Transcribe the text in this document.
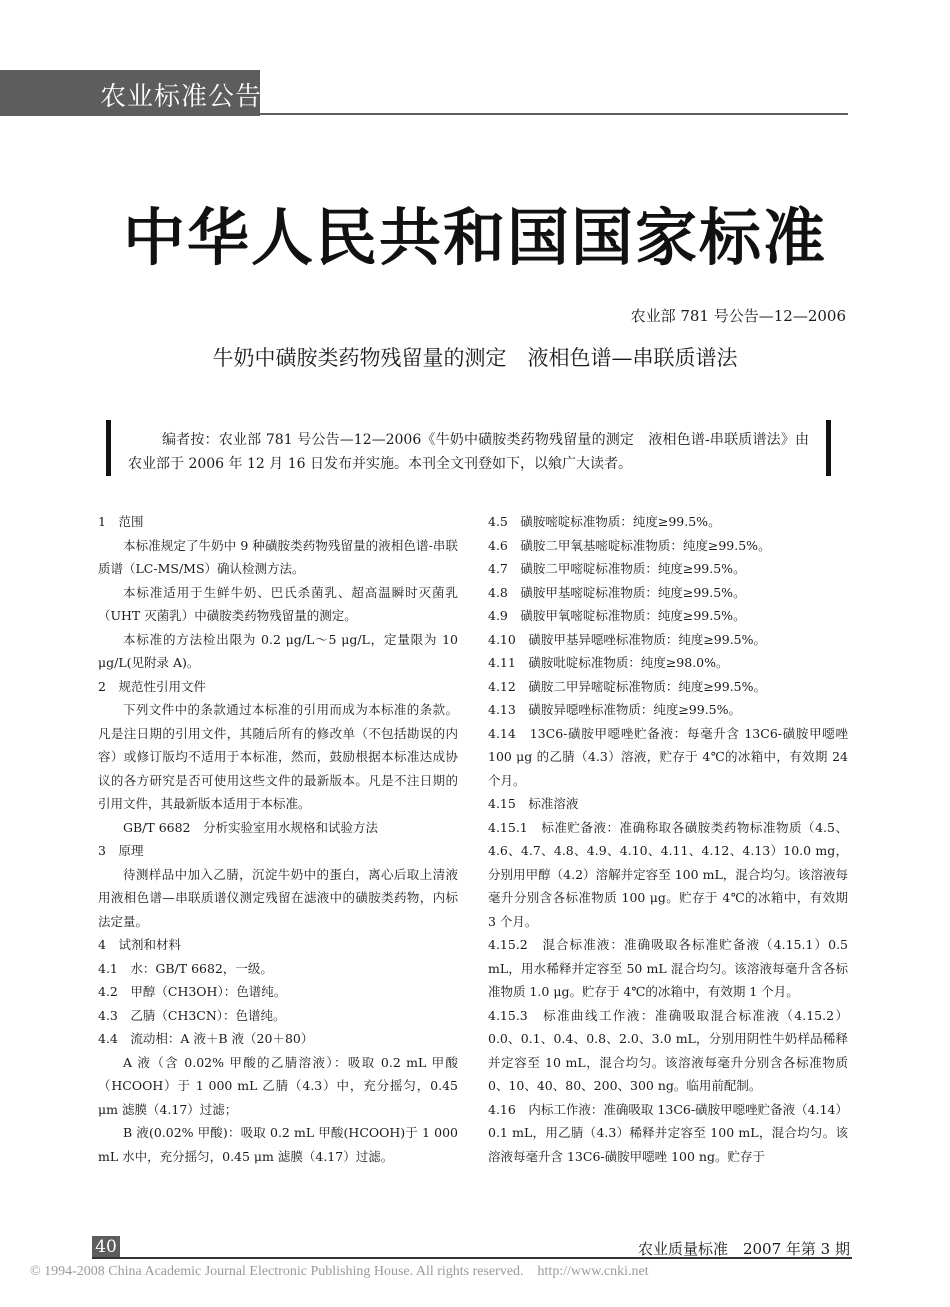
农业标准公告
中华人民共和国国家标准
农业部 781 号公告—12—2006
牛奶中磺胺类药物残留量的测定　液相色谱—串联质谱法

编者按：农业部 781 号公告—12—2006《牛奶中磺胺类药物残留量的测定　液相色谱-串联质谱法》由农业部于 2006 年 12 月 16 日发布并实施。本刊全文刊登如下，以飨广大读者。

1　范围

本标准规定了牛奶中 9 种磺胺类药物残留量的液相色谱-串联质谱（LC-MS/MS）确认检测方法。

本标准适用于生鲜牛奶、巴氏杀菌乳、超高温瞬时灭菌乳（UHT 灭菌乳）中磺胺类药物残留量的测定。

本标准的方法检出限为 0.2 μg/L～5 μg/L，定量限为 10 μg/L(见附录 A)。

2　规范性引用文件

下列文件中的条款通过本标准的引用而成为本标准的条款。凡是注日期的引用文件，其随后所有的修改单（不包括勘误的内容）或修订版均不适用于本标准，然而，鼓励根据本标准达成协议的各方研究是否可使用这些文件的最新版本。凡是不注日期的引用文件，其最新版本适用于本标准。

GB/T 6682　分析实验室用水规格和试验方法

3　原理

待测样品中加入乙腈，沉淀牛奶中的蛋白，离心后取上清液用液相色谱—串联质谱仪测定残留在滤液中的磺胺类药物，内标法定量。

4　试剂和材料

4.1　水：GB/T 6682，一级。

4.2　甲醇（CH3OH）：色谱纯。

4.3　乙腈（CH3CN）：色谱纯。

4.4　流动相：A 液＋B 液（20＋80）

A 液（含 0.02% 甲酸的乙腈溶液）：吸取 0.2 mL 甲酸（HCOOH）于 1 000 mL 乙腈（4.3）中，充分摇匀，0.45 μm 滤膜（4.17）过滤；

B 液(0.02% 甲酸)：吸取 0.2 mL 甲酸(HCOOH)于 1 000 mL 水中，充分摇匀，0.45 μm 滤膜（4.17）过滤。

4.5　磺胺嘧啶标准物质：纯度≥99.5%。

4.6　磺胺二甲氧基嘧啶标准物质：纯度≥99.5%。

4.7　磺胺二甲嘧啶标准物质：纯度≥99.5%。

4.8　磺胺甲基嘧啶标准物质：纯度≥99.5%。

4.9　磺胺甲氧嘧啶标准物质：纯度≥99.5%。

4.10　磺胺甲基异噁唑标准物质：纯度≥99.5%。

4.11　磺胺吡啶标准物质：纯度≥98.0%。

4.12　磺胺二甲异嘧啶标准物质：纯度≥99.5%。

4.13　磺胺异噁唑标准物质：纯度≥99.5%。

4.14　13C6-磺胺甲噁唑贮备液：每毫升含 13C6-磺胺甲噁唑 100 μg 的乙腈（4.3）溶液，贮存于 4℃的冰箱中，有效期 24 个月。

4.15　标准溶液

4.15.1　标准贮备液：准确称取各磺胺类药物标准物质（4.5、4.6、4.7、4.8、4.9、4.10、4.11、4.12、4.13）10.0 mg，分别用甲醇（4.2）溶解并定容至 100 mL，混合均匀。该溶液每毫升分别含各标准物质 100 μg。贮存于 4℃的冰箱中，有效期 3 个月。

4.15.2　混合标准液：准确吸取各标准贮备液（4.15.1）0.5 mL，用水稀释并定容至 50 mL 混合均匀。该溶液每毫升含各标准物质 1.0 μg。贮存于 4℃的冰箱中，有效期 1 个月。

4.15.3　标准曲线工作液：准确吸取混合标准液（4.15.2）0.0、0.1、0.4、0.8、2.0、3.0 mL，分别用阴性牛奶样品稀释并定容至 10 mL，混合均匀。该溶液每毫升分别含各标准物质 0、10、40、80、200、300 ng。临用前配制。

4.16　内标工作液：准确吸取 13C6-磺胺甲噁唑贮备液（4.14）0.1 mL，用乙腈（4.3）稀释并定容至 100 mL，混合均匀。该溶液每毫升含 13C6-磺胺甲噁唑 100 ng。贮存于

40	农业质量标准　2007 年第 3 期
© 1994-2008 China Academic Journal Electronic Publishing House. All rights reserved.　http://www.cnki.net
